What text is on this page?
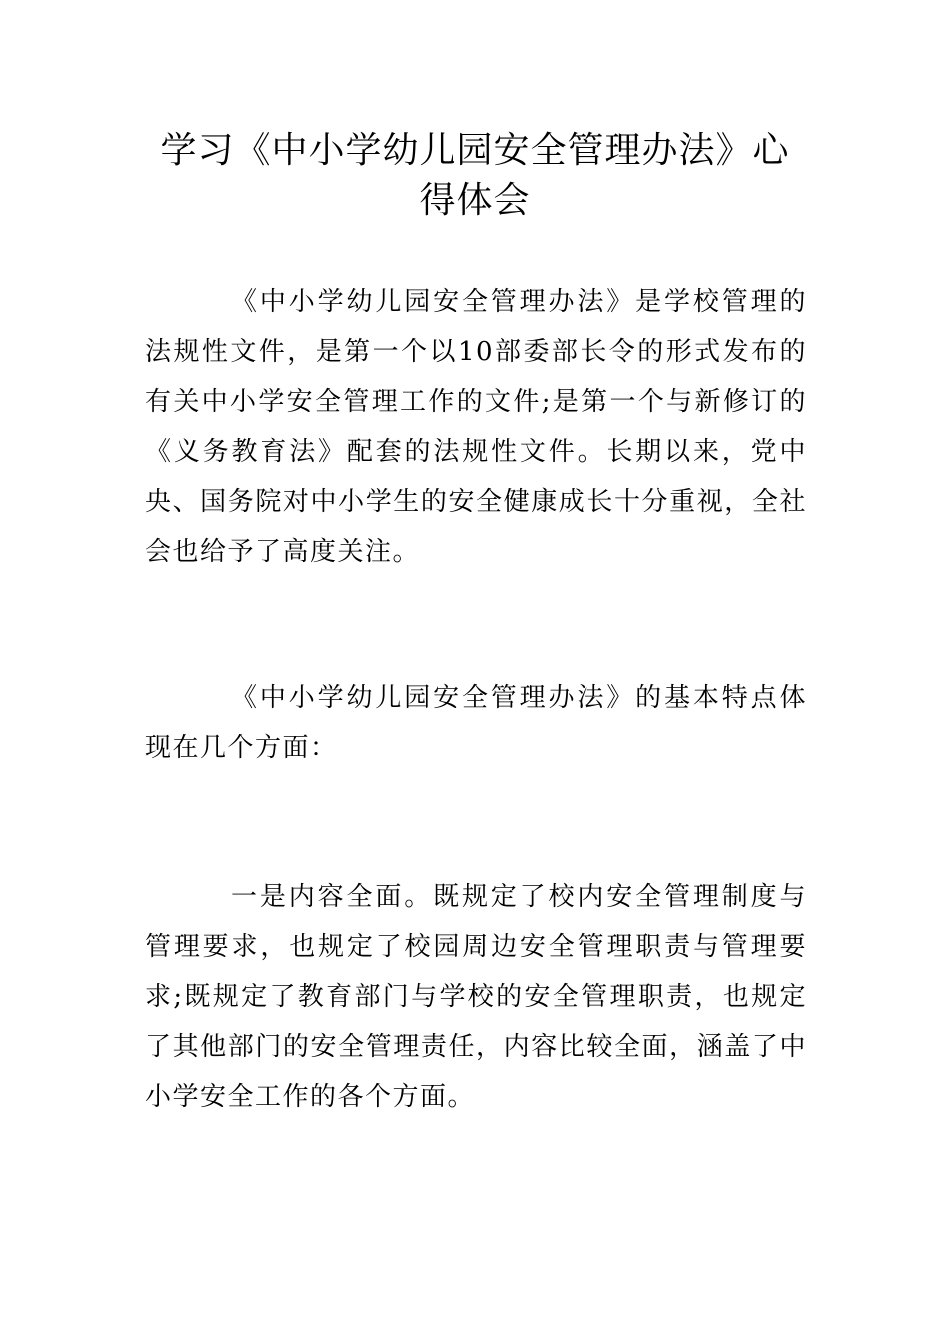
学习《中小学幼儿园安全管理办法》心得体会

《中小学幼儿园安全管理办法》是学校管理的法规性文件，是第一个以10部委部长令的形式发布的有关中小学安全管理工作的文件;是第一个与新修订的《义务教育法》配套的法规性文件。长期以来，党中央、国务院对中小学生的安全健康成长十分重视，全社会也给予了高度关注。

《中小学幼儿园安全管理办法》的基本特点体现在几个方面：

一是内容全面。既规定了校内安全管理制度与管理要求，也规定了校园周边安全管理职责与管理要求;既规定了教育部门与学校的安全管理职责，也规定了其他部门的安全管理责任，内容比较全面，涵盖了中小学安全工作的各个方面。
